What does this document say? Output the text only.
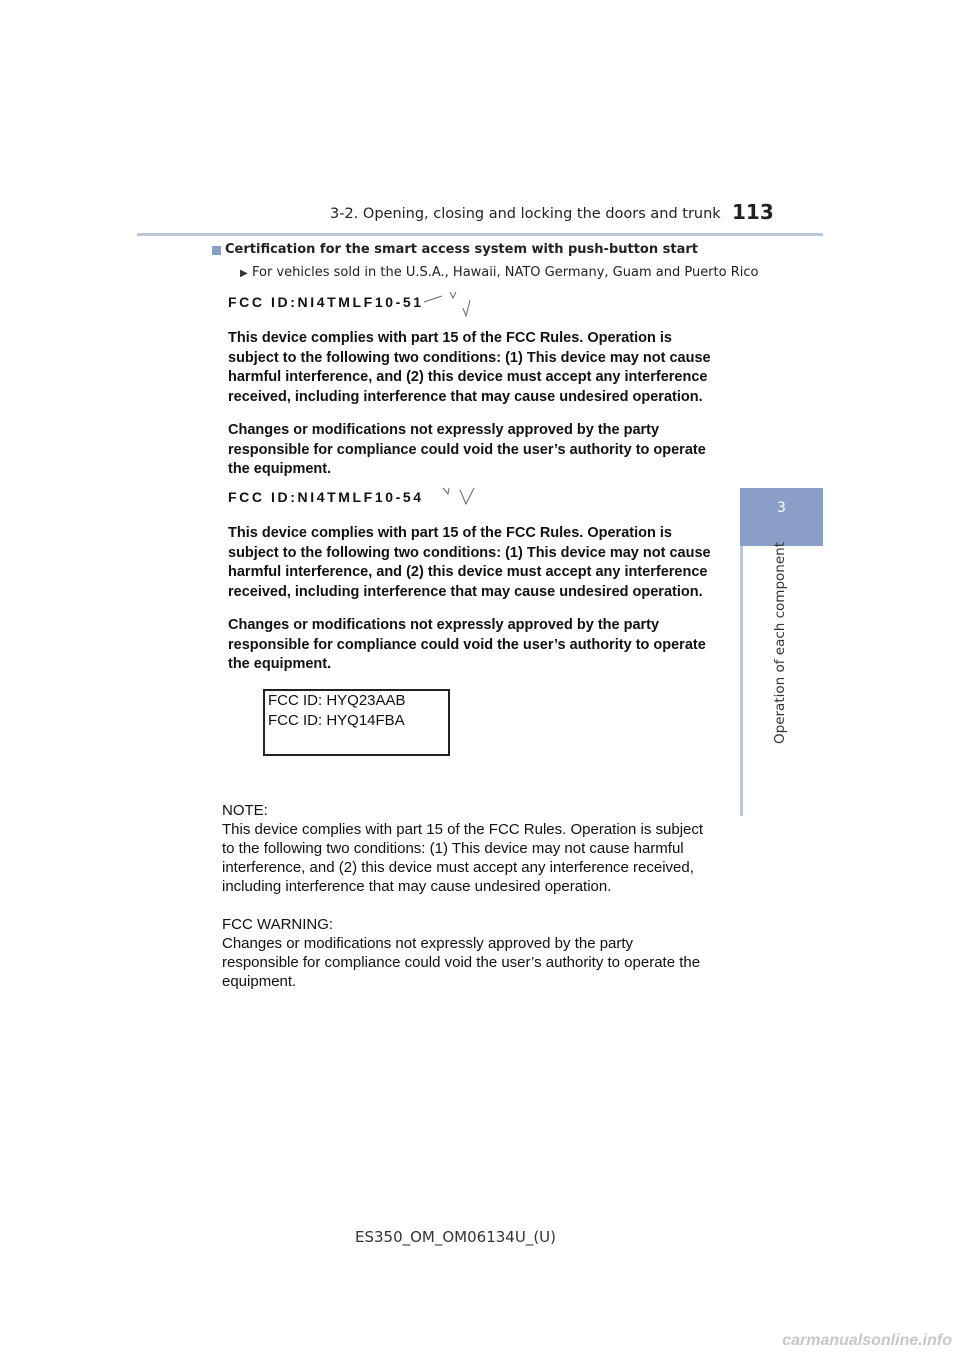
3-2. Opening, closing and locking the doors and trunk 113
3
Operation of each component
Certification for the smart access system with push-button start
▶ For vehicles sold in the U.S.A., Hawaii, NATO Germany, Guam and Puerto Rico
FCC ID:NI4TMLF10-51
This device complies with part 15 of the FCC Rules. Operation is
subject to the following two conditions: (1) This device may not cause
harmful interference, and (2) this device must accept any interference
received, including interference that may cause undesired operation.
Changes or modifications not expressly approved by the party
responsible for compliance could void the user’s authority to operate
the equipment.
FCC ID:NI4TMLF10-54
This device complies with part 15 of the FCC Rules. Operation is
subject to the following two conditions: (1) This device may not cause
harmful interference, and (2) this device must accept any interference
received, including interference that may cause undesired operation.
Changes or modifications not expressly approved by the party
responsible for compliance could void the user’s authority to operate
the equipment.
FCC ID: HYQ23AAB
FCC ID: HYQ14FBA
NOTE:
This device complies with part 15 of the FCC Rules. Operation is subject
to the following two conditions: (1) This device may not cause harmful
interference, and (2) this device must accept any interference received,
including interference that may cause undesired operation.
FCC WARNING:
Changes or modifications not expressly approved by the party
responsible for compliance could void the user’s authority to operate the
equipment.
ES350_OM_OM06134U_(U)
carmanualsonline.info
